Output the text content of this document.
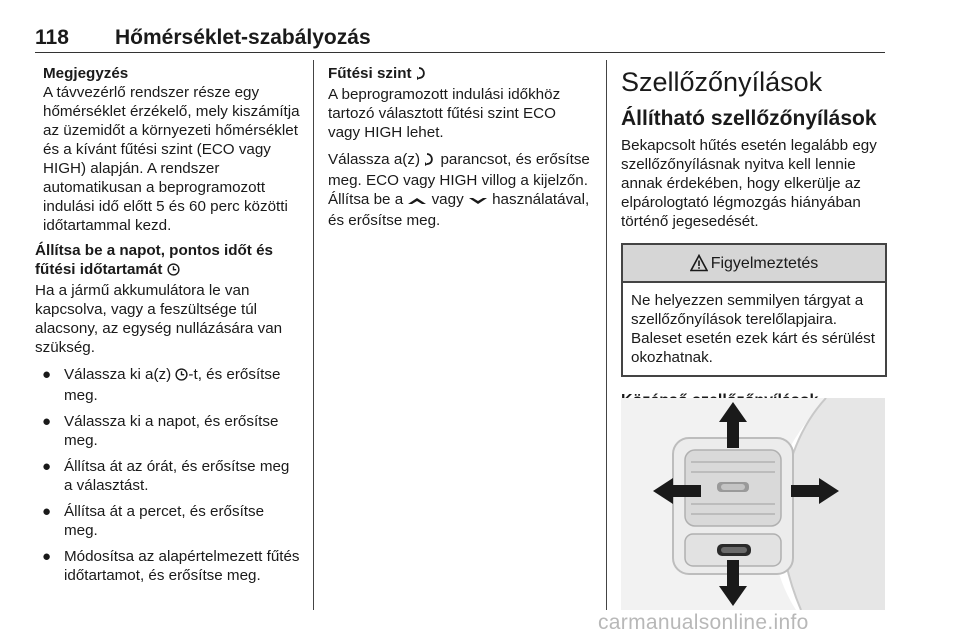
118 Hőmérséklet-szabályozás

Megjegyzés

A távvezérlő rendszer része egy hőmérséklet érzékelő, mely kiszámítja az üzemidőt a környezeti hőmérséklet és a kívánt fűtési szint (ECO vagy HIGH) alapján. A rendszer automatikusan a beprogramozott indulási idő előtt 5 és 60 perc közötti időtartammal kezd.

Állítsa be a napot, pontos időt és fűtési időtartamát

Ha a jármű akkumulátora le van kapcsolva, vagy a feszültsége túl alacsony, az egység nullázására van szükség.

● Válassza ki a(z) -t, és erősítse meg.
● Válassza ki a napot, és erősítse meg.
● Állítsa át az órát, és erősítse meg a választást.
● Állítsa át a percet, és erősítse meg.
● Módosítsa az alapértelmezett fűtés időtartamot, és erősítse meg.

Fűtési szint

A beprogramozott indulási időkhöz tartozó választott fűtési szint ECO vagy HIGH lehet.

Válassza a(z)  parancsot, és erősítse meg. ECO vagy HIGH villog a kijelzőn. Állítsa be a  vagy  használatával, és erősítse meg.

Szellőzőnyílások
Állítható szellőzőnyílások

Bekapcsolt hűtés esetén legalább egy szellőzőnyílásnak nyitva kell lennie annak érdekében, hogy elkerülje az elpárologtató légmozgás hiányában történő jegesedését.

Figyelmeztetés
Ne helyezzen semmilyen tárgyat a szellőzőnyílások terelőlapjaira. Baleset esetén ezek kárt és sérülést okozhatnak.
carmanualsonline.info
